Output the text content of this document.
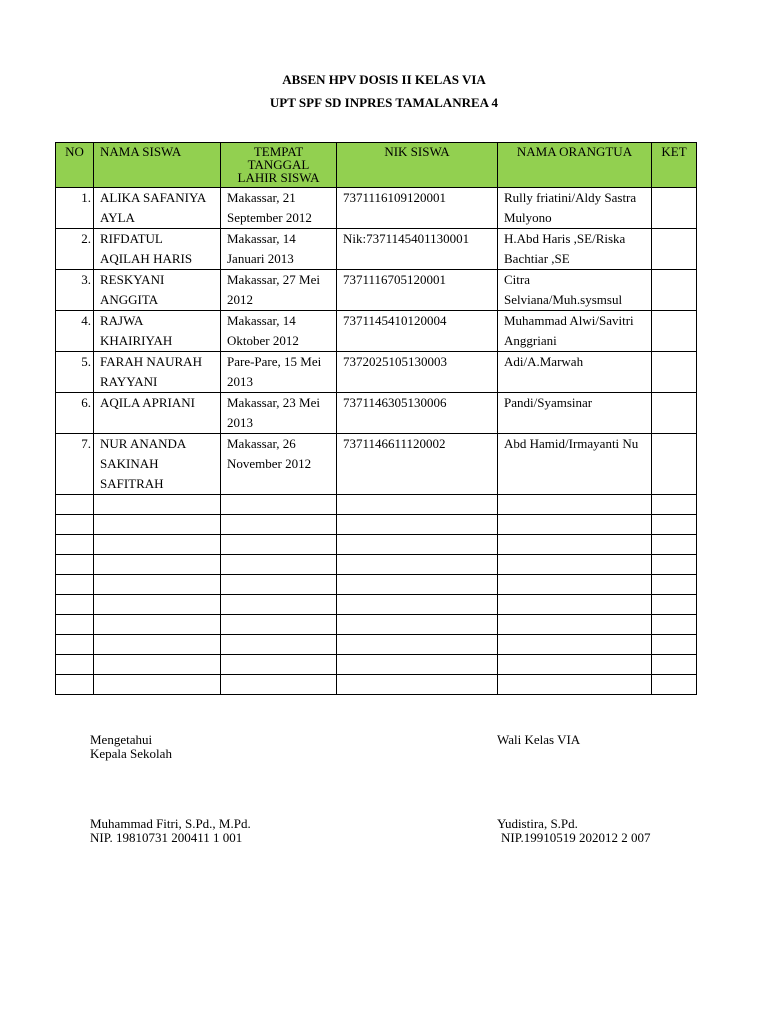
ABSEN HPV DOSIS II KELAS VIA
UPT SPF SD INPRES TAMALANREA 4
NO	NAMA SISWA	TEMPAT
TANGGAL
LAHIR SISWA	NIK SISWA	NAMA ORANGTUA	KET
1.	ALIKA SAFANIYA AYLA	Makassar, 21 September 2012	7371116109120001	Rully friatini/Aldy Sastra Mulyono	
2.	RIFDATUL AQILAH HARIS	Makassar, 14 Januari 2013	Nik:7371145401130001	H.Abd Haris ,SE/Riska Bachtiar ,SE	
3.	RESKYANI ANGGITA	Makassar, 27 Mei 2012	7371116705120001	Citra Selviana/Muh.sysmsul	
4.	RAJWA KHAIRIYAH	Makassar, 14 Oktober 2012	7371145410120004	Muhammad Alwi/Savitri Anggriani	
5.	FARAH NAURAH RAYYANI	Pare-Pare, 15 Mei 2013	7372025105130003	Adi/A.Marwah	
6.	AQILA APRIANI	Makassar, 23 Mei 2013	7371146305130006	Pandi/Syamsinar	
7.	NUR ANANDA SAKINAH SAFITRAH	Makassar, 26 November 2012	7371146611120002	Abd Hamid/Irmayanti Nu	

Mengetahui
Kepala Sekolah
Muhammad Fitri, S.Pd., M.Pd.
NIP. 19810731 200411 1 001
Wali Kelas VIA
Yudistira, S.Pd.
NIP.19910519 202012 2 007
